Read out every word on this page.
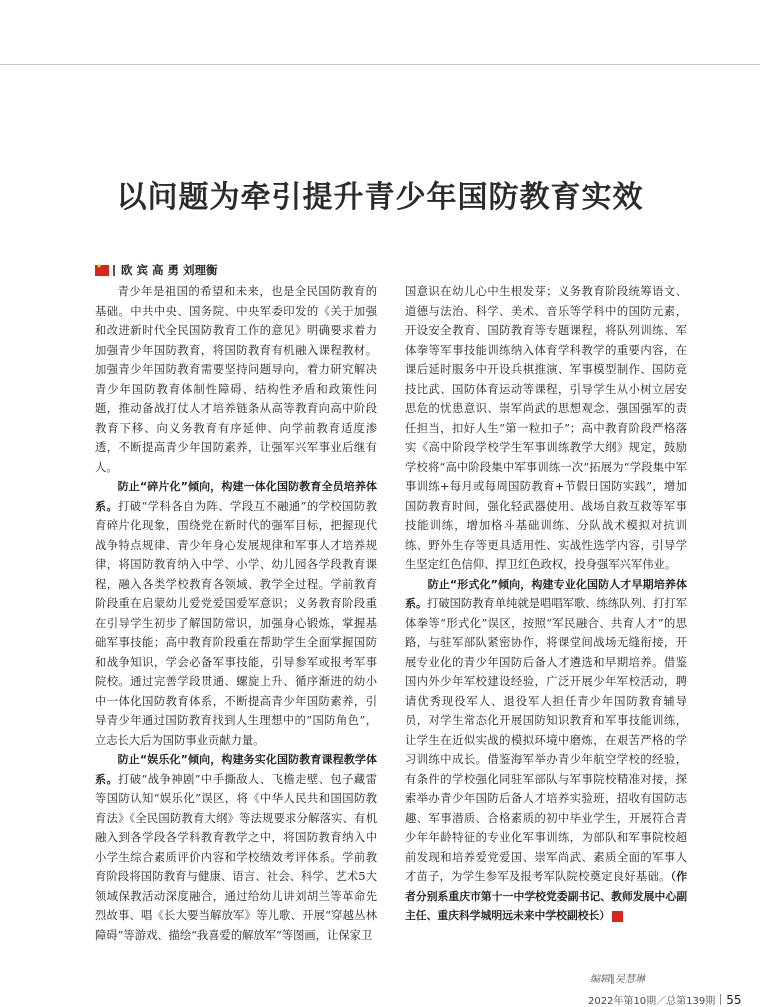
以问题为牵引提升青少年国防教育实效
★
欧 宾 高 勇 刘理衡

青少年是祖国的希望和未来，也是全民国防教育的基础。中共中央、国务院、中央军委印发的《关于加强和改进新时代全民国防教育工作的意见》明确要求着力加强青少年国防教育，将国防教育有机融入课程教材。加强青少年国防教育需要坚持问题导向，着力研究解决青少年国防教育体制性障碍、结构性矛盾和政策性问题，推动备战打仗人才培养链条从高等教育向高中阶段教育下移、向义务教育有序延伸、向学前教育适度渗透，不断提高青少年国防素养，让强军兴军事业后继有人。

防止“碎片化”倾向，构建一体化国防教育全员培养体系。打破“学科各自为阵、学段互不融通”的学校国防教育碎片化现象，围绕党在新时代的强军目标，把握现代战争特点规律、青少年身心发展规律和军事人才培养规律，将国防教育纳入中学、小学、幼儿园各学段教育课程，融入各类学校教育各领域、教学全过程。学前教育阶段重在启蒙幼儿爱党爱国爱军意识；义务教育阶段重在引导学生初步了解国防常识，加强身心锻炼，掌握基础军事技能；高中教育阶段重在帮助学生全面掌握国防和战争知识，学会必备军事技能，引导参军或报考军事院校。通过完善学段贯通、螺旋上升、循序渐进的幼小中一体化国防教育体系，不断提高青少年国防素养，引导青少年通过国防教育找到人生理想中的“国防角色”，立志长大后为国防事业贡献力量。

防止“娱乐化”倾向，构建务实化国防教育课程教学体系。打破“战争神剧”中手撕敌人、飞檐走壁、包子藏雷等国防认知“娱乐化”误区，将《中华人民共和国国防教育法》《全民国防教育大纲》等法规要求分解落实、有机融入到各学段各学科教育教学之中，将国防教育纳入中小学生综合素质评价内容和学校绩效考评体系。学前教育阶段将国防教育与健康、语言、社会、科学、艺术5大领域保教活动深度融合，通过给幼儿讲刘胡兰等革命先烈故事、唱《长大要当解放军》等儿歌、开展“穿越丛林障碍”等游戏、描绘“我喜爱的解放军”等图画，让保家卫

国意识在幼儿心中生根发芽；义务教育阶段统筹语文、道德与法治、科学、美术、音乐等学科中的国防元素，开设安全教育、国防教育等专题课程，将队列训练、军体拳等军事技能训练纳入体育学科教学的重要内容，在课后延时服务中开设兵棋推演、军事模型制作、国防竞技比武、国防体育运动等课程，引导学生从小树立居安思危的忧患意识、崇军尚武的思想观念、强国强军的责任担当，扣好人生“第一粒扣子”；高中教育阶段严格落实《高中阶段学校学生军事训练教学大纲》规定，鼓励学校将“高中阶段集中军事训练一次”拓展为“学段集中军事训练+每月或每周国防教育+节假日国防实践”，增加国防教育时间，强化轻武器使用、战场自救互救等军事技能训练，增加格斗基础训练、分队战术模拟对抗训练、野外生存等更具适用性、实战性选学内容，引导学生坚定红色信仰、捍卫红色政权，投身强军兴军伟业。

防止“形式化”倾向，构建专业化国防人才早期培养体系。打破国防教育单纯就是唱唱军歌、练练队列、打打军体拳等“形式化”误区，按照“军民融合、共育人才”的思路，与驻军部队紧密协作，将课堂间战场无缝衔接，开展专业化的青少年国防后备人才遴选和早期培养。借鉴国内外少年军校建设经验，广泛开展少年军校活动，聘请优秀现役军人、退役军人担任青少年国防教育辅导员，对学生常态化开展国防知识教育和军事技能训练，让学生在近似实战的模拟环境中磨炼，在艰苦严格的学习训练中成长。借鉴海军举办青少年航空学校的经验，有条件的学校强化同驻军部队与军事院校精准对接，探索举办青少年国防后备人才培养实验班，招收有国防志趣、军事潜质、合格素质的初中毕业学生，开展符合青少年年龄特征的专业化军事训练，为部队和军事院校超前发现和培养爱党爱国、崇军尚武、素质全面的军事人才苗子，为学生参军及报考军队院校奠定良好基础。（作者分别系重庆市第十一中学校党委副书记、教师发展中心副主任、重庆科学城明远未来中学校副校长）	G

编辑∥吴慧琳
2022年第10期／总第139期 55
